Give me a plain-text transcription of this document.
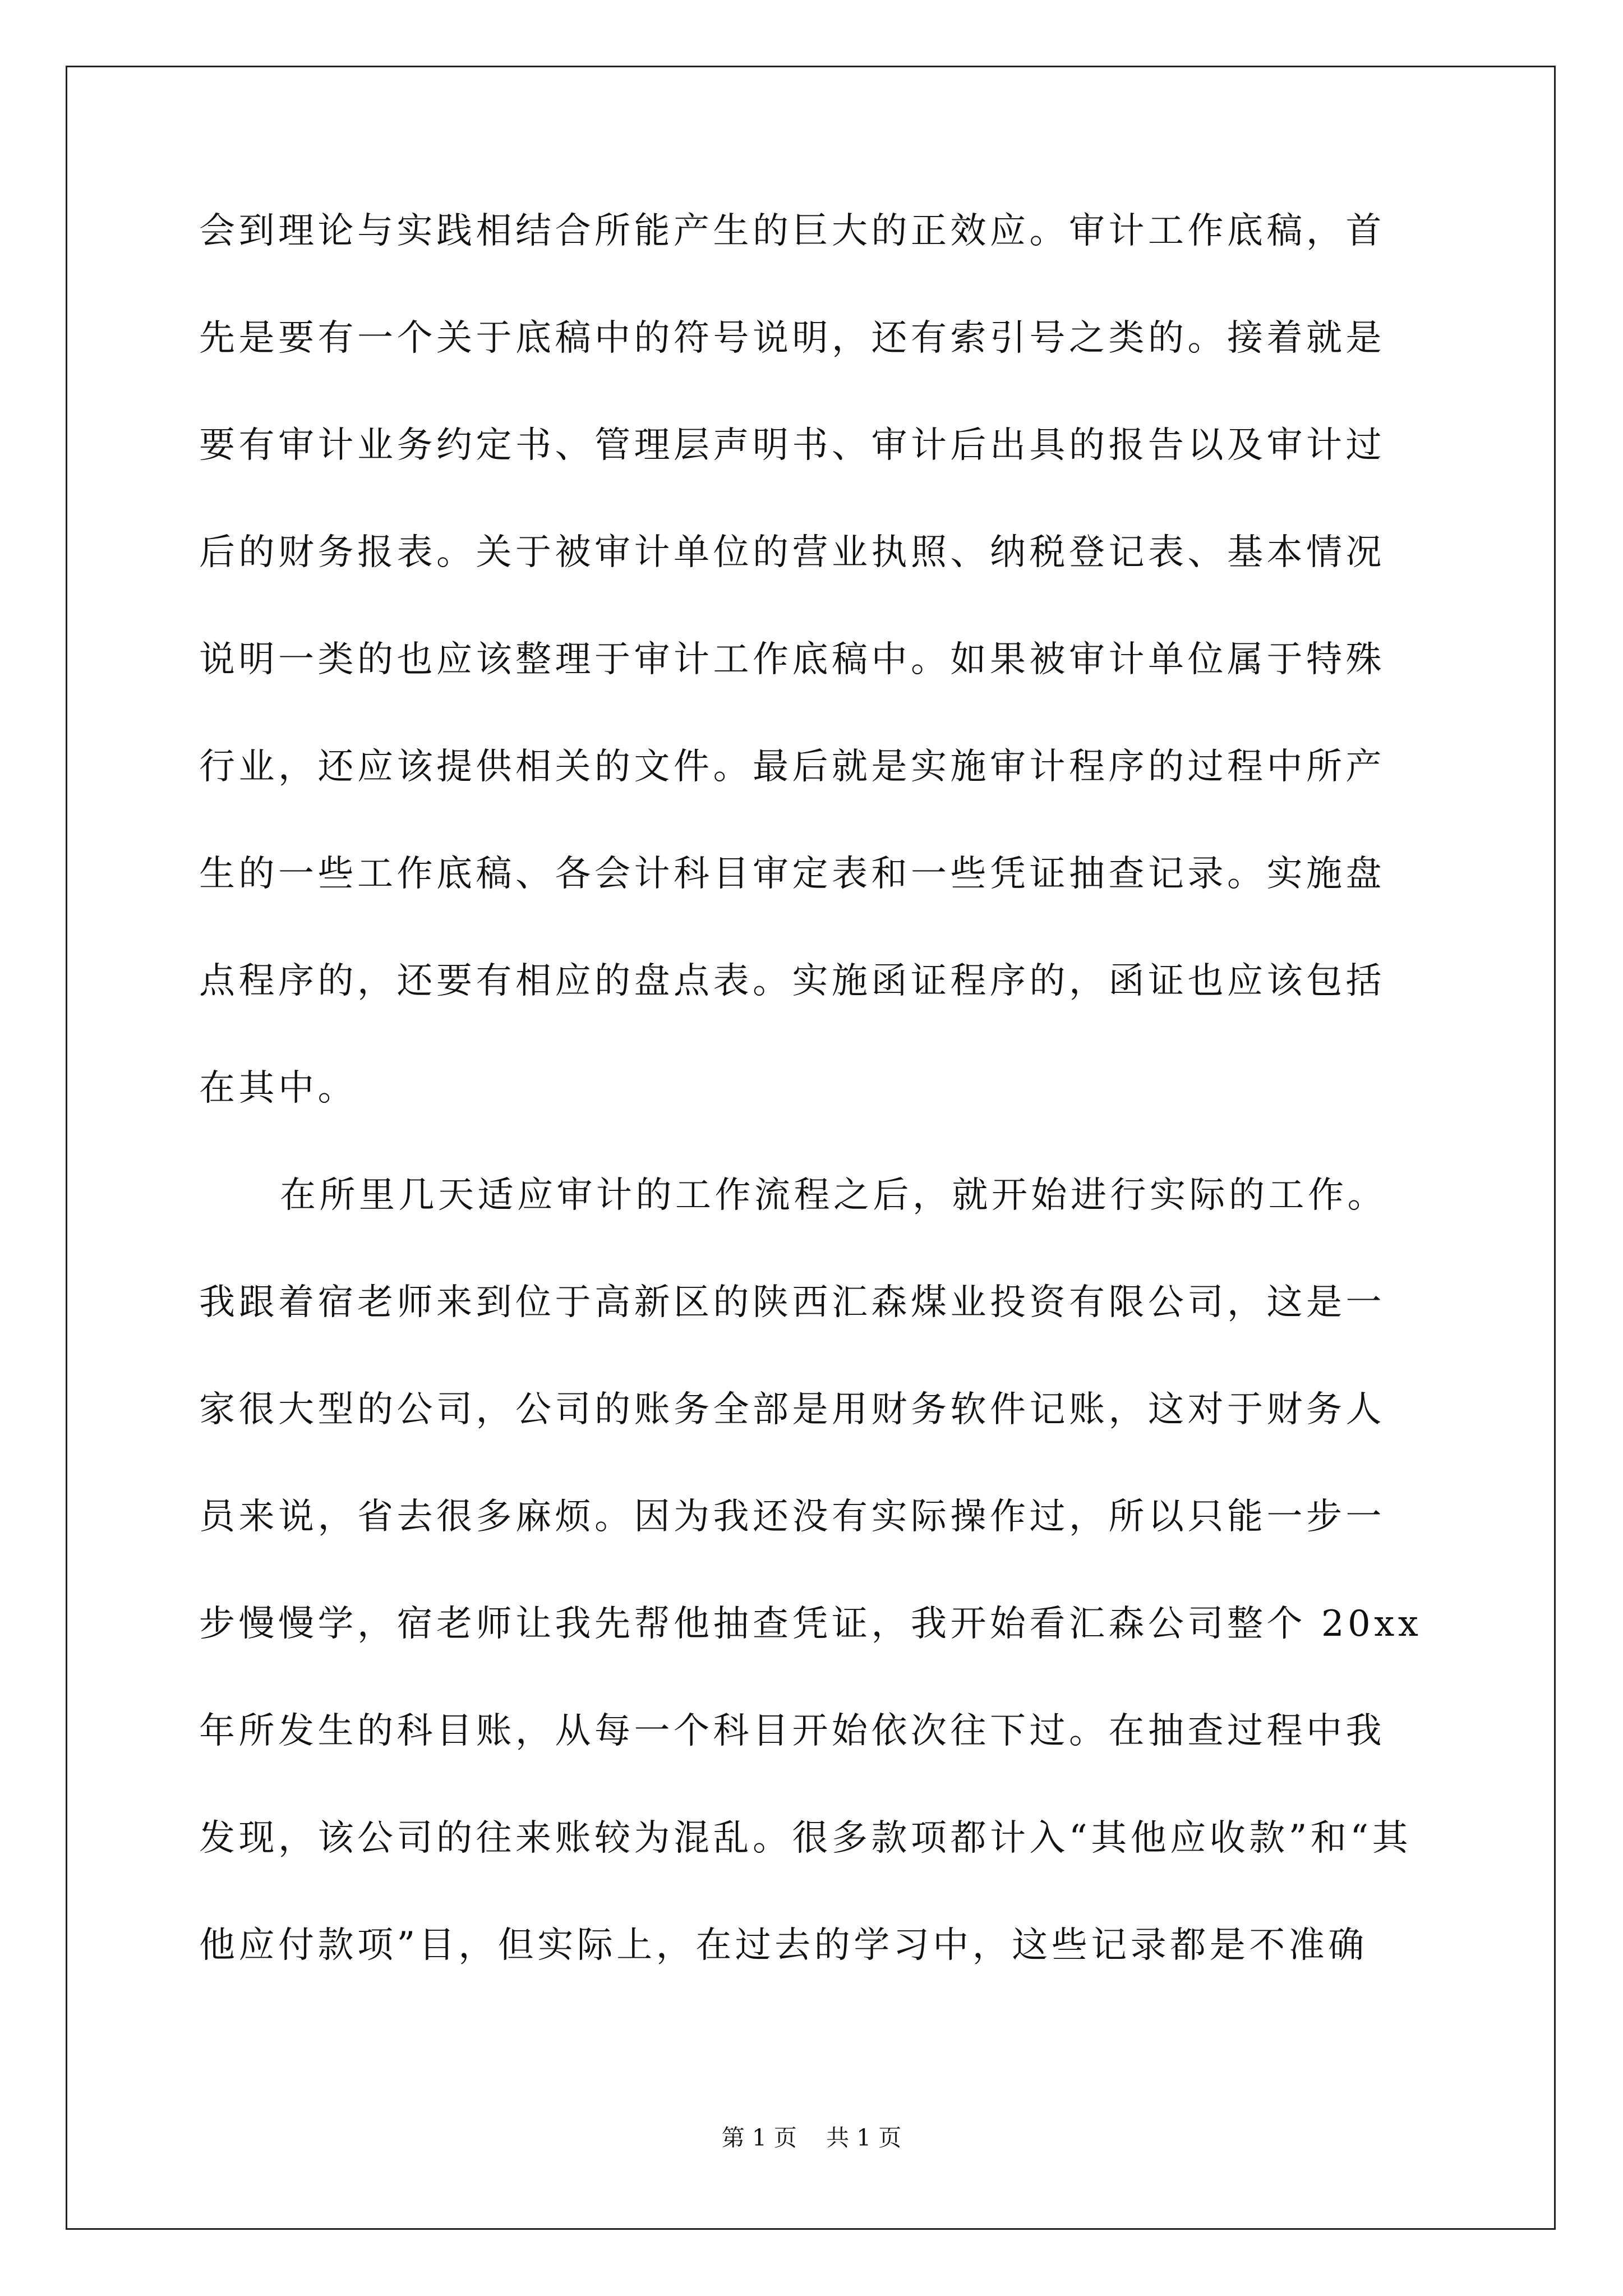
会到理论与实践相结合所能产生的巨大的正效应。审计工作底稿，首
先是要有一个关于底稿中的符号说明，还有索引号之类的。接着就是
要有审计业务约定书、管理层声明书、审计后出具的报告以及审计过
后的财务报表。关于被审计单位的营业执照、纳税登记表、基本情况
说明一类的也应该整理于审计工作底稿中。如果被审计单位属于特殊
行业，还应该提供相关的文件。最后就是实施审计程序的过程中所产
生的一些工作底稿、各会计科目审定表和一些凭证抽查记录。实施盘
点程序的，还要有相应的盘点表。实施函证程序的，函证也应该包括
在其中。
在所里几天适应审计的工作流程之后，就开始进行实际的工作。
我跟着宿老师来到位于高新区的陕西汇森煤业投资有限公司，这是一
家很大型的公司，公司的账务全部是用财务软件记账，这对于财务人
员来说，省去很多麻烦。因为我还没有实际操作过，所以只能一步一
步慢慢学，宿老师让我先帮他抽查凭证，我开始看汇森公司整个 20xx
年所发生的科目账，从每一个科目开始依次往下过。在抽查过程中我
发现，该公司的往来账较为混乱。很多款项都计入“其他应收款”和“其
他应付款项”目，但实际上，在过去的学习中，这些记录都是不准确
第 1 页    共 1 页
